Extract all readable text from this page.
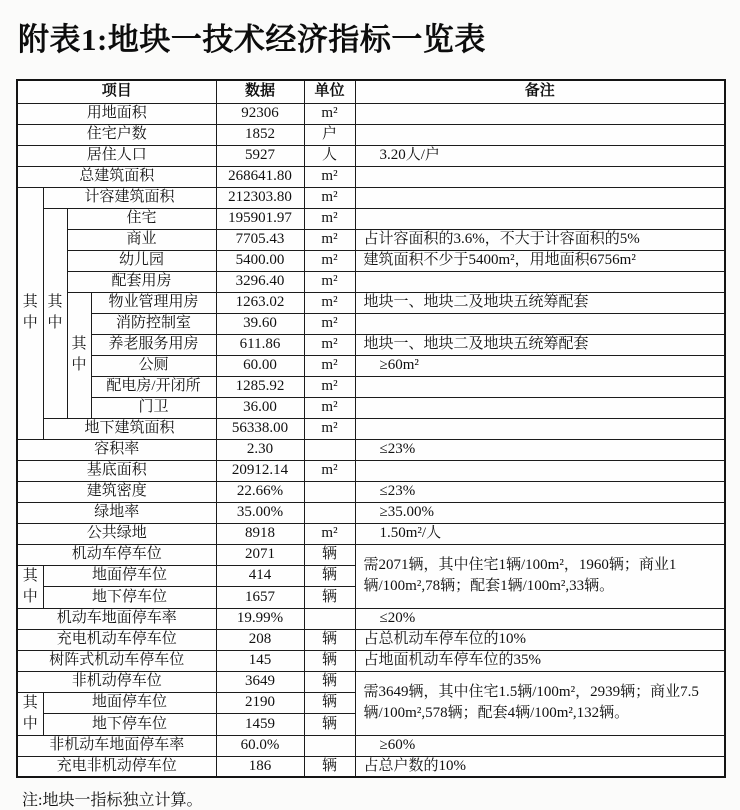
附表1:地块一技术经济指标一览表
项目				数据	单位	备注
用地面积				92306	m²	
住宅户数				1852	户	
居住人口				5927	人	3.20人/户
总建筑面积				268641.80	m²	
其中	计容建筑面积			212303.80	m²	
	其中	住宅		195901.97	m²	
		商业		7705.43	m²	占计容面积的3.6%，不大于计容面积的5%
		幼儿园		5400.00	m²	建筑面积不少于5400m²，用地面积6756m²
		配套用房		3296.40	m²	
		其中	物业管理用房	1263.02	m²	地块一、地块二及地块五统筹配套
			消防控制室	39.60	m²	
			养老服务用房	611.86	m²	地块一、地块二及地块五统筹配套
			公厕	60.00	m²	≥60m²
			配电房/开闭所	1285.92	m²	
			门卫	36.00	m²	
	地下建筑面积			56338.00	m²	
容积率				2.30		≤23%
基底面积				20912.14	m²	
建筑密度				22.66%		≤23%
绿地率				35.00%		≥35.00%
公共绿地				8918	m²	1.50m²/人
机动车停车位				2071	辆	需2071辆，其中住宅1辆/100m²，1960辆；商业1辆/100m²,78辆；配套1辆/100m²,33辆。
其中	地面停车位			414	辆	
	地下停车位			1657	辆	
机动车地面停车率				19.99%		≤20%
充电机动车停车位				208	辆	占总机动车停车位的10%
树阵式机动车停车位				145	辆	占地面机动车停车位的35%
非机动停车位				3649	辆	需3649辆，其中住宅1.5辆/100m²，2939辆；商业7.5辆/100m²,578辆；配套4辆/100m²,132辆。
其中	地面停车位			2190	辆	
	地下停车位			1459	辆	
非机动车地面停车率				60.0%		≥60%
充电非机动停车位				186	辆	占总户数的10%
注:地块一指标独立计算。
